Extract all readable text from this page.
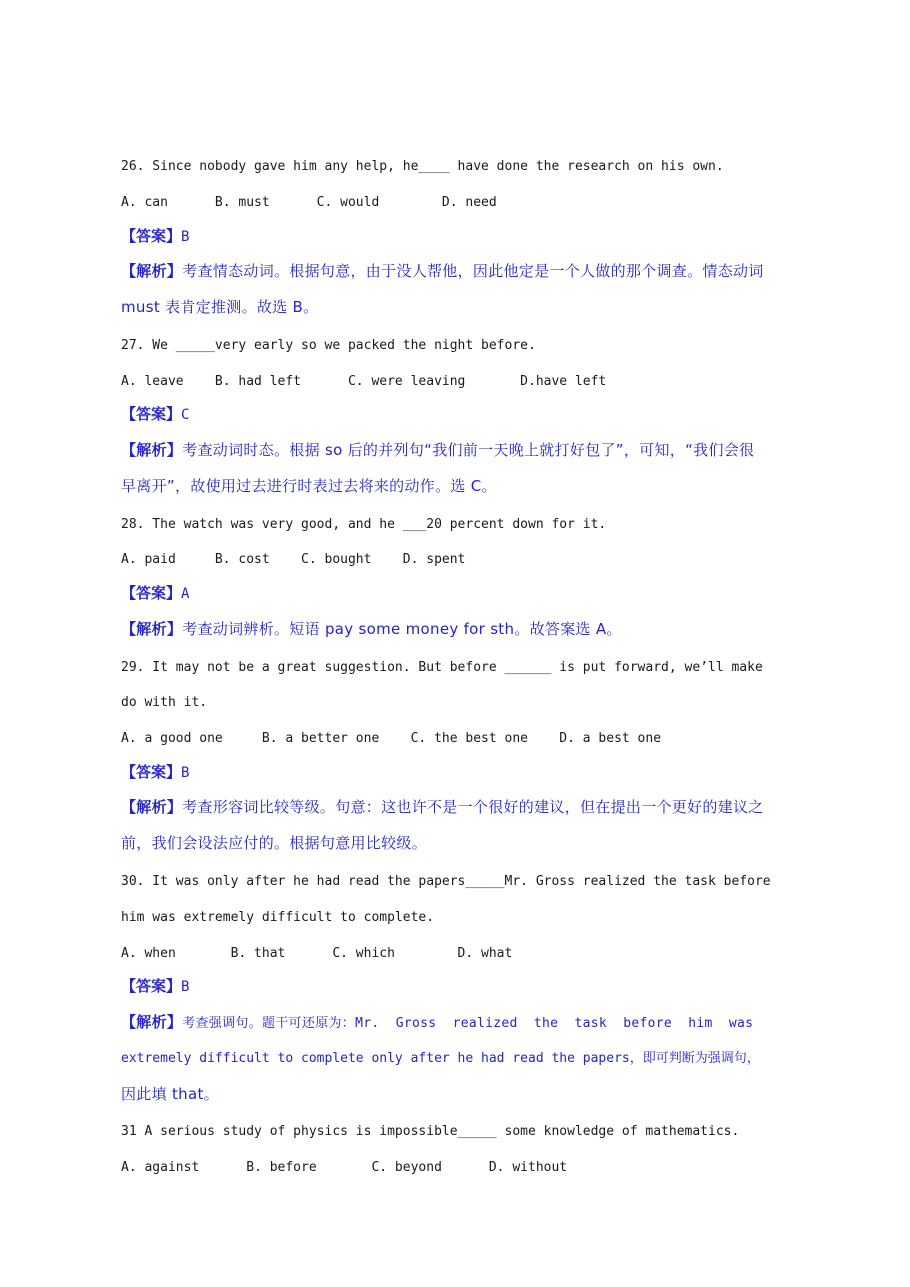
26. Since nobody gave him any help, he____ have done the research on his own.
A. can      B. must      C. would        D. need
【答案】B
【解析】考查情态动词。根据句意，由于没人帮他，因此他定是一个人做的那个调查。情态动词
must 表肯定推测。故选 B。
27. We _____very early so we packed the night before.
A. leave    B. had left      C. were leaving       D.have left
【答案】C
【解析】考查动词时态。根据 so 后的并列句“我们前一天晚上就打好包了”，可知，“我们会很
早离开”，故使用过去进行时表过去将来的动作。选 C。
28. The watch was very good, and he ___20 percent down for it.
A. paid     B. cost    C. bought    D. spent
【答案】A
【解析】考查动词辨析。短语 pay some money for sth。故答案选 A。
29. It may not be a great suggestion. But before ______ is put forward, we’ll make
do with it.
A. a good one     B. a better one    C. the best one    D. a best one
【答案】B
【解析】考查形容词比较等级。句意：这也许不是一个很好的建议，但在提出一个更好的建议之
前，我们会设法应付的。根据句意用比较级。
30. It was only after he had read the papers_____Mr. Gross realized the task before
him was extremely difficult to complete.
A. when       B. that      C. which        D. what
【答案】B
【解析】考查强调句。题干可还原为：Mr.  Gross  realized  the  task  before  him  was
extremely difficult to complete only after he had read the papers，即可判断为强调句，
因此填 that。
31 A serious study of physics is impossible_____ some knowledge of mathematics.
A. against      B. before       C. beyond      D. without
